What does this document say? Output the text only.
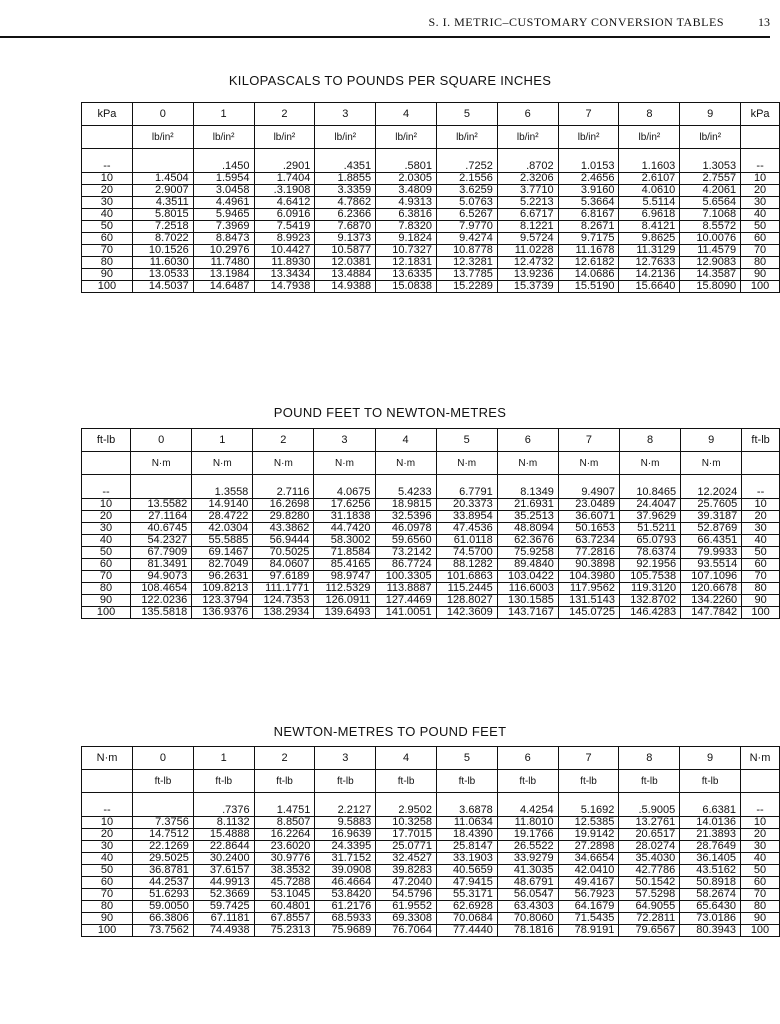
S. I. METRIC–CUSTOMARY CONVERSION TABLES	13
KILOPASCALS TO POUNDS PER SQUARE INCHES
kPa	0	1	2	3	4	5	6	7	8	9	kPa
	lb/in²	lb/in²	lb/in²	lb/in²	lb/in²	lb/in²	lb/in²	lb/in²	lb/in²	lb/in²	

--		.1450	.2901	.4351	.5801	.7252	.8702	1.0153	1.1603	1.3053	--
10	1.4504	1.5954	1.7404	1.8855	2.0305	2.1556	2.3206	2.4656	2.6107	2.7557	10
20	2.9007	3.0458	.3.1908	3.3359	3.4809	3.6259	3.7710	3.9160	4.0610	4.2061	20
30	4.3511	4.4961	4.6412	4.7862	4.9313	5.0763	5.2213	5.3664	5.5114	5.6564	30
40	5.8015	5.9465	6.0916	6.2366	6.3816	6.5267	6.6717	6.8167	6.9618	7.1068	40
50	7.2518	7.3969	7.5419	7.6870	7.8320	7.9770	8.1221	8.2671	8.4121	8.5572	50
60	8.7022	8.8473	8.9923	9.1373	9.1824	9.4274	9.5724	9.7175	9.8625	10.0076	60
70	10.1526	10.2976	10.4427	10.5877	10.7327	10.8778	11.0228	11.1678	11.3129	11.4579	70
80	11.6030	11.7480	11.8930	12.0381	12.1831	12.3281	12.4732	12.6182	12.7633	12.9083	80
90	13.0533	13.1984	13.3434	13.4884	13.6335	13.7785	13.9236	14.0686	14.2136	14.3587	90
100	14.5037	14.6487	14.7938	14.9388	15.0838	15.2289	15.3739	15.5190	15.6640	15.8090	100
POUND FEET TO NEWTON-METRES
ft-lb	0	1	2	3	4	5	6	7	8	9	ft-lb
	N·m	N·m	N·m	N·m	N·m	N·m	N·m	N·m	N·m	N·m	

--		1.3558	2.7116	4.0675	5.4233	6.7791	8.1349	9.4907	10.8465	12.2024	--
10	13.5582	14.9140	16.2698	17.6256	18.9815	20.3373	21.6931	23.0489	24.4047	25.7605	10
20	27.1164	28.4722	29.8280	31.1838	32.5396	33.8954	35.2513	36.6071	37.9629	39.3187	20
30	40.6745	42.0304	43.3862	44.7420	46.0978	47.4536	48.8094	50.1653	51.5211	52.8769	30
40	54.2327	55.5885	56.9444	58.3002	59.6560	61.0118	62.3676	63.7234	65.0793	66.4351	40
50	67.7909	69.1467	70.5025	71.8584	73.2142	74.5700	75.9258	77.2816	78.6374	79.9933	50
60	81.3491	82.7049	84.0607	85.4165	86.7724	88.1282	89.4840	90.3898	92.1956	93.5514	60
70	94.9073	96.2631	97.6189	98.9747	100.3305	101.6863	103.0422	104.3980	105.7538	107.1096	70
80	108.4654	109.8213	111.1771	112.5329	113.8887	115.2445	116.6003	117.9562	119.3120	120.6678	80
90	122.0236	123.3794	124.7353	126.0911	127.4469	128.8027	130.1585	131.5143	132.8702	134.2260	90
100	135.5818	136.9376	138.2934	139.6493	141.0051	142.3609	143.7167	145.0725	146.4283	147.7842	100
NEWTON-METRES TO POUND FEET
N·m	0	1	2	3	4	5	6	7	8	9	N·m
	ft-lb	ft-lb	ft-lb	ft-lb	ft-lb	ft-lb	ft-lb	ft-lb	ft-lb	ft-lb	

--		.7376	1.4751	2.2127	2.9502	3.6878	4.4254	5.1692	.5.9005	6.6381	--
10	7.3756	8.1132	8.8507	9.5883	10.3258	11.0634	11.8010	12.5385	13.2761	14.0136	10
20	14.7512	15.4888	16.2264	16.9639	17.7015	18.4390	19.1766	19.9142	20.6517	21.3893	20
30	22.1269	22.8644	23.6020	24.3395	25.0771	25.8147	26.5522	27.2898	28.0274	28.7649	30
40	29.5025	30.2400	30.9776	31.7152	32.4527	33.1903	33.9279	34.6654	35.4030	36.1405	40
50	36.8781	37.6157	38.3532	39.0908	39.8283	40.5659	41.3035	42.0410	42.7786	43.5162	50
60	44.2537	44.9913	45.7288	46.4664	47.2040	47.9415	48.6791	49.4167	50.1542	50.8918	60
70	51.6293	52.3669	53.1045	53.8420	54.5796	55.3171	56.0547	56.7923	57.5298	58.2674	70
80	59.0050	59.7425	60.4801	61.2176	61.9552	62.6928	63.4303	64.1679	64.9055	65.6430	80
90	66.3806	67.1181	67.8557	68.5933	69.3308	70.0684	70.8060	71.5435	72.2811	73.0186	90
100	73.7562	74.4938	75.2313	75.9689	76.7064	77.4440	78.1816	78.9191	79.6567	80.3943	100
